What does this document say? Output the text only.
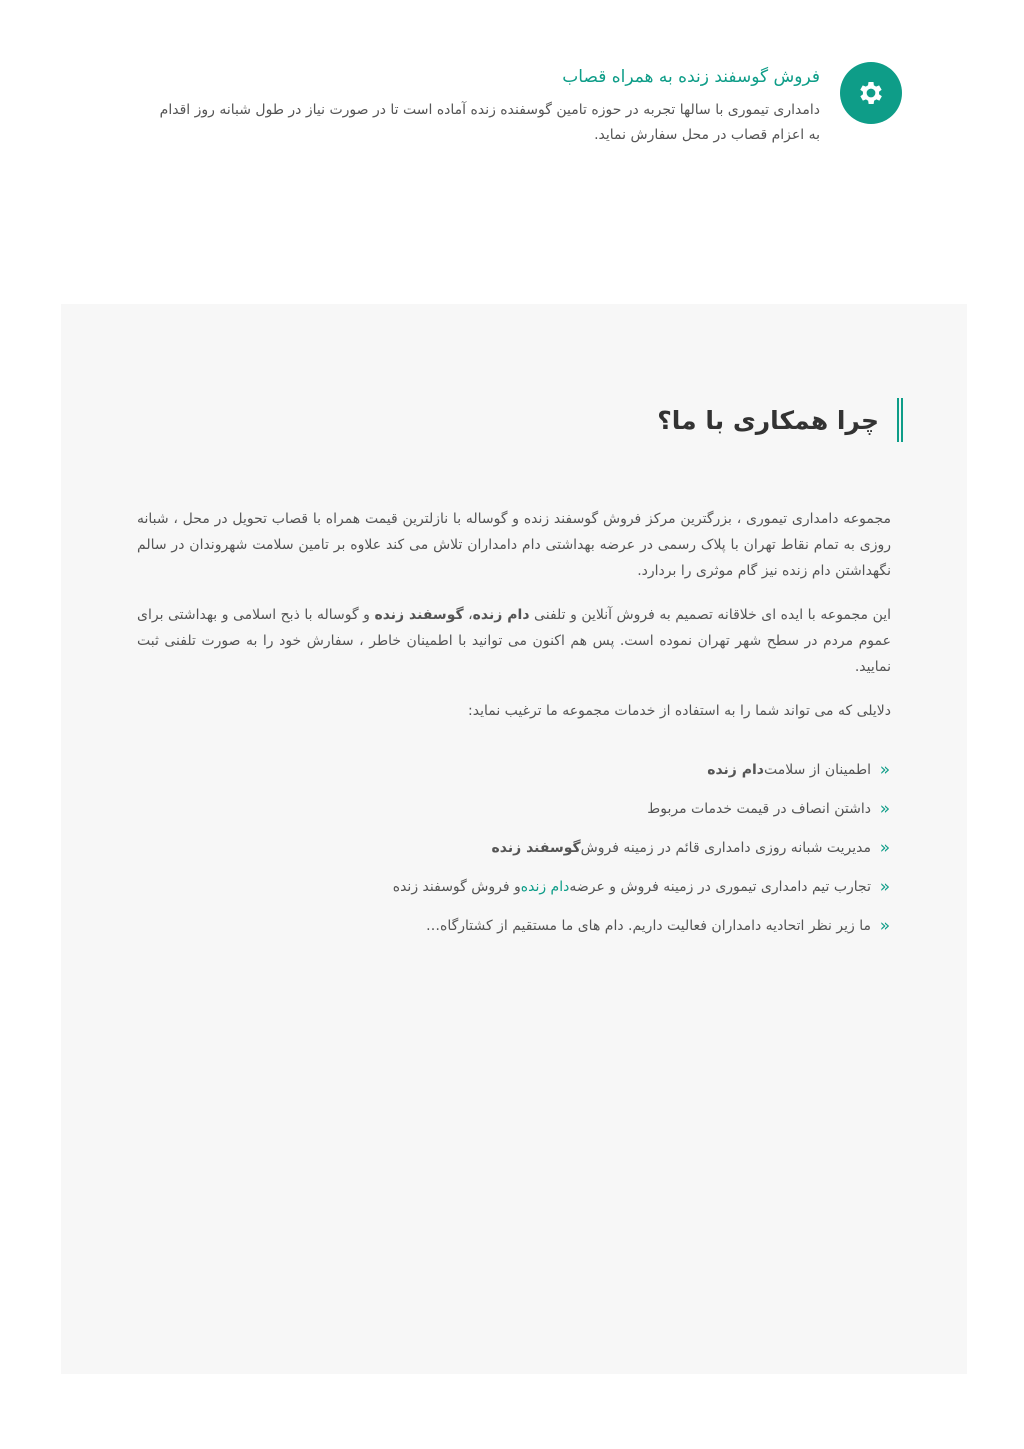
فروش گوسفند زنده به همراه قصاب

دامداری تیموری با سالها تجربه در حوزه تامین گوسفنده زنده آماده است تا در صورت نیاز در طول شبانه روز اقدام به اعزام قصاب در محل سفارش نماید.

چرا همکاری با ما؟

مجموعه دامداری تیموری ، بزرگترین مرکز فروش گوسفند زنده و گوساله با نازلترین قیمت همراه با قصاب تحویل در محل ، شبانه روزی به تمام نقاط تهران با پلاک رسمی در عرضه بهداشتی دام دامداران تلاش می کند علاوه بر تامین سلامت شهروندان در سالم نگهداشتن دام زنده نیز گام موثری را بردارد.

این مجموعه با ایده ای خلاقانه تصمیم به فروش آنلاین و تلفنی دام زنده، گوسفند زنده و گوساله با ذبح اسلامی و بهداشتی برای عموم مردم در سطح شهر تهران نموده است. پس هم اکنون می توانید با اطمینان خاطر ، سفارش خود را به صورت تلفنی ثبت نمایید.

دلایلی که می تواند شما را به استفاده از خدمات مجموعه ما ترغیب نماید:

«
اطمینان از سلامت
دام زنده
«
داشتن انصاف در قیمت خدمات مربوط
«
مدیریت شبانه روزی دامداری قائم در زمینه فروش
گوسفند زنده
«
تجارب تیم دامداری تیموری در زمینه فروش و عرضه
دام زنده
و فروش گوسفند زنده
«
ما زیر نظر اتحادیه دامداران فعالیت داریم. دام های ما مستقیم از کشتارگاه…
